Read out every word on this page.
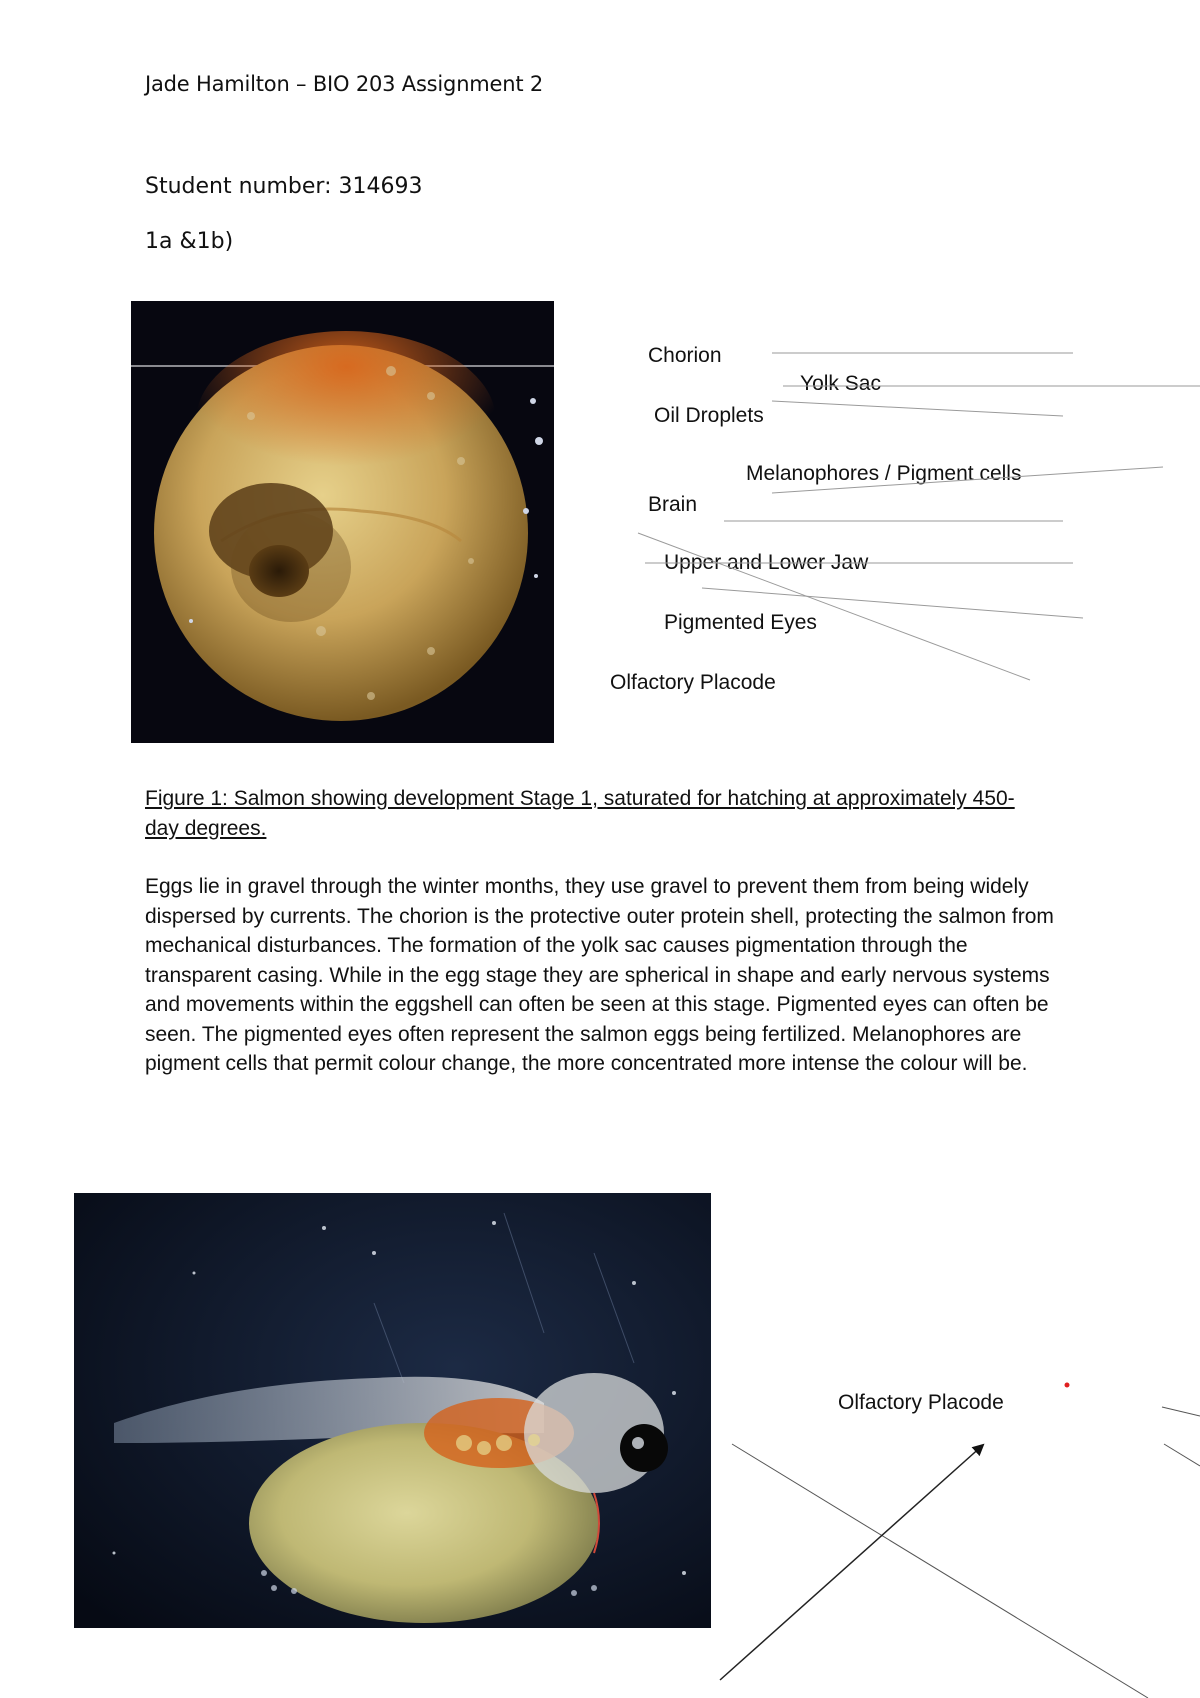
Jade Hamilton – BIO 203 Assignment 2
Student number: 314693
1a &1b)
Chorion
Yolk Sac
Oil Droplets
Melanophores / Pigment cells
Brain
Upper and Lower Jaw
Pigmented Eyes
Olfactory Placode
Figure 1: Salmon showing development Stage 1, saturated for hatching at approximately 450-day degrees.
Eggs lie in gravel through the winter months, they use gravel to prevent them from being widely dispersed by currents. The chorion is the protective outer protein shell, protecting the salmon from mechanical disturbances. The formation of the yolk sac causes pigmentation through the transparent casing. While in the egg stage they are spherical in shape and early nervous systems and movements within the eggshell can often be seen at this stage. Pigmented eyes can often be seen. The pigmented eyes often represent the salmon eggs being fertilized. Melanophores are pigment cells that permit colour change, the more concentrated more intense the colour will be.
Olfactory Placode
